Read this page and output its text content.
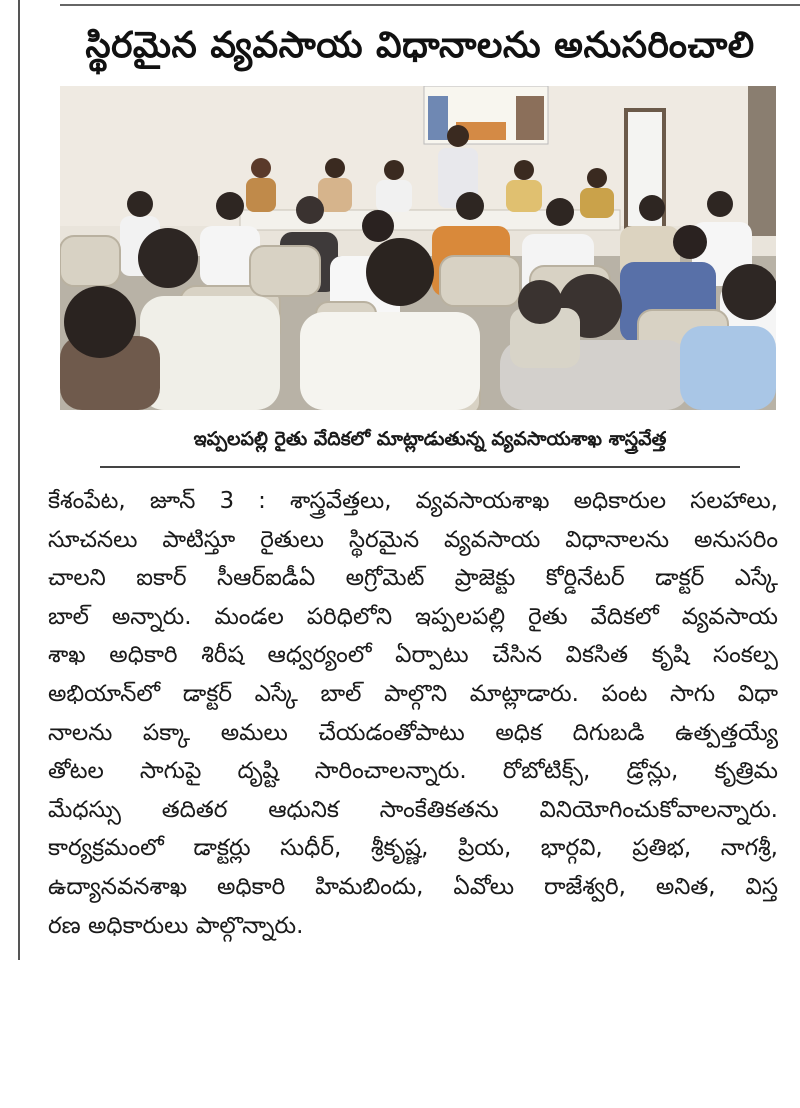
స్థిరమైన వ్యవసాయ విధానాలను అనుసరించాలి
ఇప్పలపల్లి రైతు వేదికలో మాట్లాడుతున్న వ్యవసాయశాఖ శాస్త్రవేత్త
కేశంపేట, జూన్ 3 : శాస్త్రవేత్తలు, వ్యవసాయశాఖ అధికారుల సలహాలు,
సూచనలు పాటిస్తూ రైతులు స్థిరమైన వ్యవసాయ విధానాలను అనుసరిం
చాలని ఐకార్ సీఆర్ఐడీఏ అగ్రోమెట్ ప్రాజెక్టు కోర్డినేటర్ డాక్టర్ ఎస్కే
బాల్ అన్నారు. మండల పరిధిలోని ఇప్పలపల్లి రైతు వేదికలో వ్యవసాయ
శాఖ అధికారి శిరీష ఆధ్వర్యంలో ఏర్పాటు చేసిన వికసిత కృషి సంకల్ప
అభియాన్‌లో డాక్టర్ ఎస్కే బాల్ పాల్గొని మాట్లాడారు. పంట సాగు విధా
నాలను పక్కా అమలు చేయడంతోపాటు అధిక దిగుబడి ఉత్పత్తయ్యే
తోటల సాగుపై దృష్టి సారించాలన్నారు. రోబోటిక్స్, డ్రోన్లు, కృత్రిమ
మేధస్సు తదితర ఆధునిక సాంకేతికతను వినియోగించుకోవాలన్నారు.
కార్యక్రమంలో డాక్టర్లు సుధీర్, శ్రీకృష్ణ, ప్రియ, భార్గవి, ప్రతిభ, నాగశ్రీ,
ఉద్యానవనశాఖ అధికారి హిమబిందు, ఏవోలు రాజేశ్వరి, అనిత, విస్త
రణ అధికారులు పాల్గొన్నారు.
